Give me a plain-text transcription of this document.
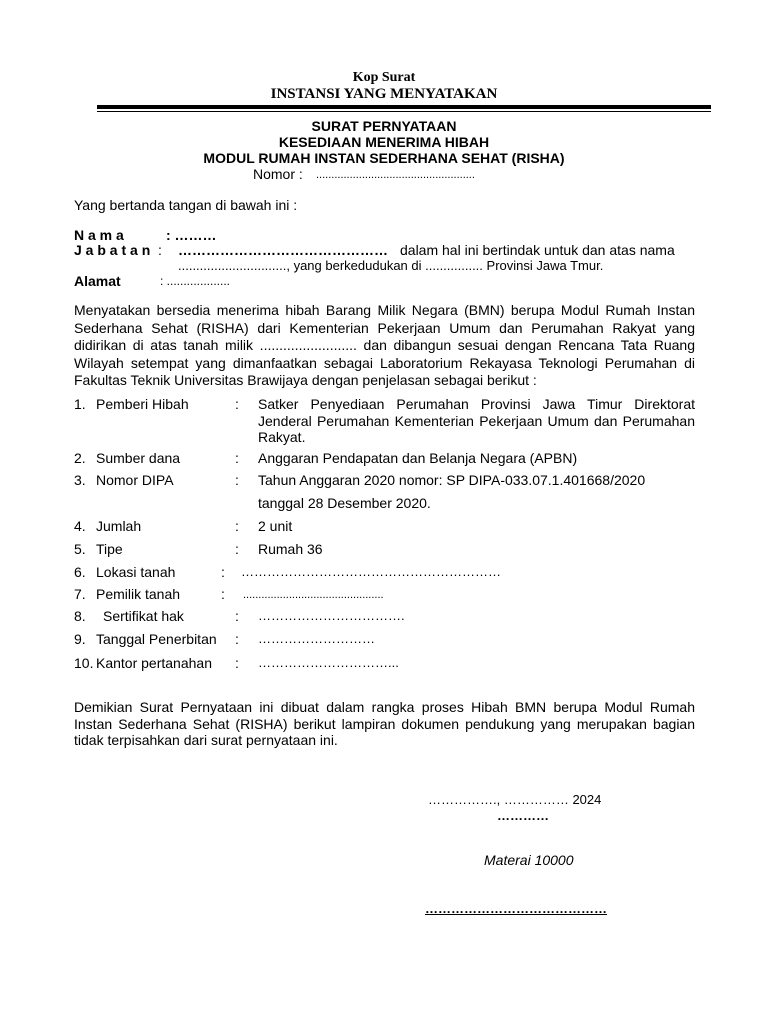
Kop Surat
INSTANSI YANG MENYATAKAN
SURAT PERNYATAAN
KESEDIAAN MENERIMA HIBAH
MODUL RUMAH INSTAN SEDERHANA SEHAT (RISHA)
Nomor : ....................................................
Yang bertanda tangan di bawah ini :
N a m a	: ………
J a b a t a n : ……………………………………… dalam hal ini bertindak untuk dan atas nama
.............................., yang berkedudukan di ................ Provinsi Jawa Tmur.
Alamat	: ...................
Menyatakan bersedia menerima hibah Barang Milik Negara (BMN) berupa Modul Rumah Instan Sederhana Sehat (RISHA) dari Kementerian Pekerjaan Umum dan Perumahan Rakyat yang didirikan di atas tanah milik ......................... dan dibangun sesuai dengan Rencana Tata Ruang Wilayah setempat yang dimanfaatkan sebagai Laboratorium Rekayasa Teknologi Perumahan di Fakultas Teknik Universitas Brawijaya dengan penjelasan sebagai berikut :
1. Pemberi Hibah	: Satker Penyediaan Perumahan Provinsi Jawa Timur Direktorat Jenderal Perumahan Kementerian Pekerjaan Umum dan Perumahan Rakyat.
2. Sumber dana	: Anggaran Pendapatan dan Belanja Negara (APBN)
3. Nomor DIPA	: Tahun Anggaran 2020 nomor: SP DIPA-033.07.1.401668/2020
tanggal 28 Desember 2020.
4. Jumlah	: 2 unit
5. Tipe	: Rumah 36
6. Lokasi tanah	: ……………………………………………………
7. Pemilik tanah	: ..............................................
8. Sertifikat hak	: …………………………….
9. Tanggal Penerbitan : ………………………
10. Kantor pertanahan : …………………………...
Demikian Surat Pernyataan ini dibuat dalam rangka proses Hibah BMN berupa Modul Rumah Instan Sederhana Sehat (RISHA) berikut lampiran dokumen pendukung yang merupakan bagian tidak terpisahkan dari surat pernyataan ini.
……………., …………… 2024
…………
Materai 10000
……………………………………
